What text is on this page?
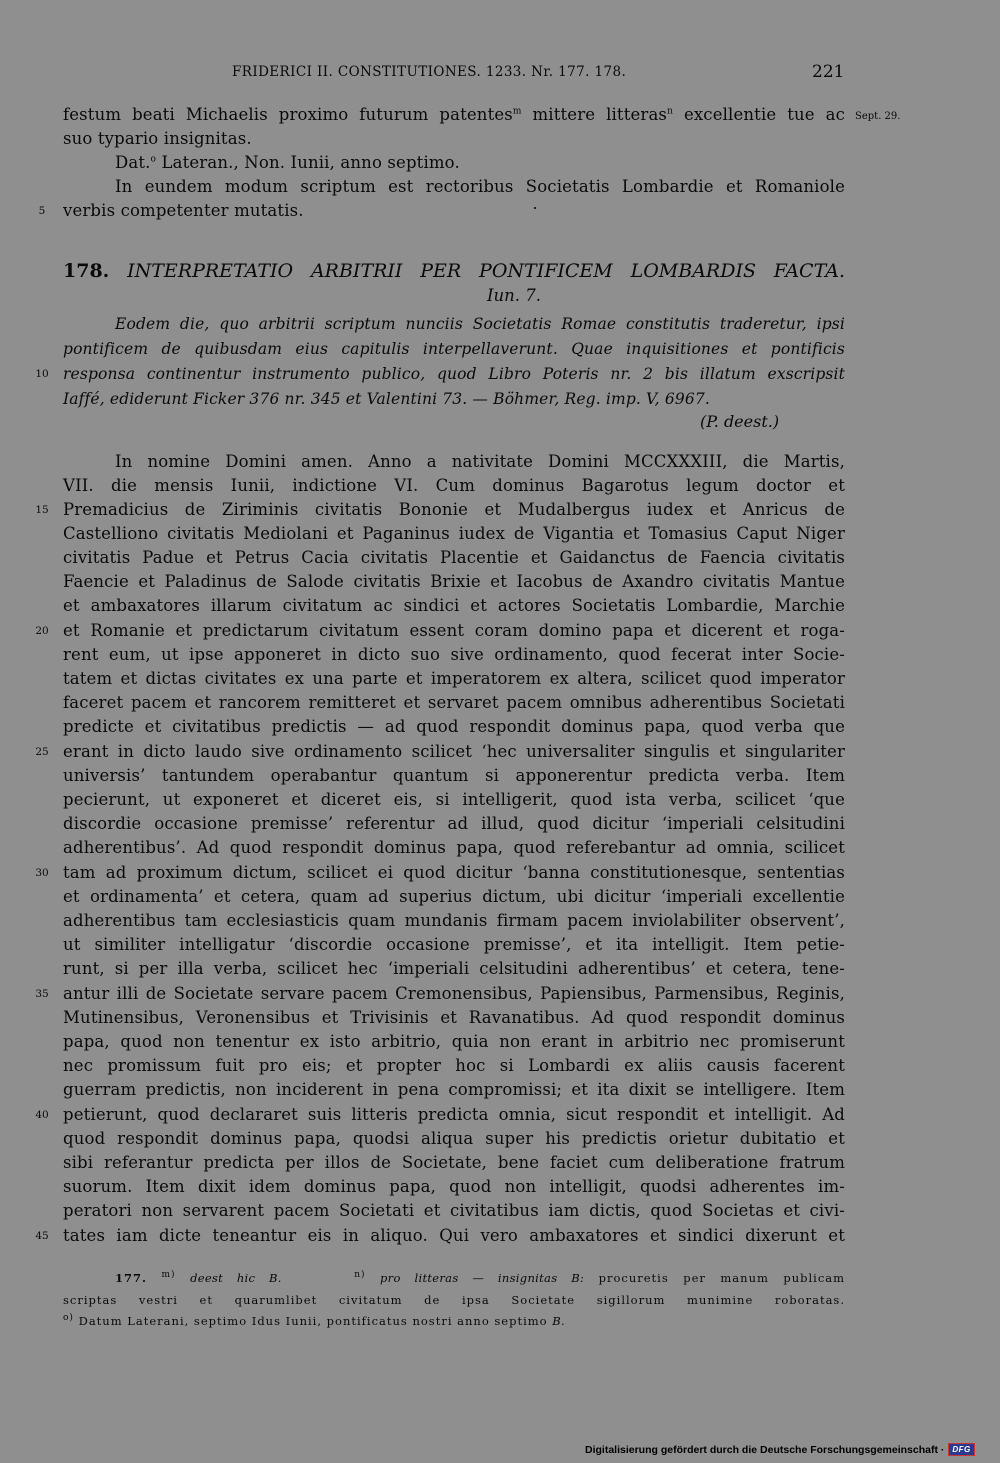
FRIDERICI II. CONSTITUTIONES. 1233. Nr. 177. 178.	221
Sept. 29.
festum beati Michaelis proximo futurum patentes$^m$ mittere litteras$^n$ excellentie tue ac
suo typario insignitas.
Dat.$^o$ Lateran., Non. Iunii, anno septimo.
In eundem modum scriptum est rectoribus Societatis Lombardie et Romaniole
5	verbis competenter mutatis.
178. INTERPRETATIO ARBITRII PER PONTIFICEM LOMBARDIS FACTA.
Iun. 7.
Eodem die, quo arbitrii scriptum nunciis Societatis Romae constitutis traderetur, ipsi
pontificem de quibusdam eius capitulis interpellaverunt. Quae inquisitiones et pontificis
10 responsa continentur instrumento publico, quod Libro Poteris nr. 2 bis illatum exscripsit
Iaffé, ediderunt Ficker 376 nr. 345 et Valentini 73. — Böhmer, Reg. imp. V, 6967.
(P. deest.)
In nomine Domini amen. Anno a nativitate Domini MCCXXXIII, die Martis,
VII. die mensis Iunii, indictione VI. Cum dominus Bagarotus legum doctor et
15 Premadicius de Ziriminis civitatis Bononie et Mudalbergus iudex et Anricus de
Castelliono civitatis Mediolani et Paganinus iudex de Vigantia et Tomasius Caput Niger
civitatis Padue et Petrus Cacia civitatis Placentie et Gaidanctus de Faencia civitatis
Faencie et Paladinus de Salode civitatis Brixie et Iacobus de Axandro civitatis Mantue
et ambaxatores illarum civitatum ac sindici et actores Societatis Lombardie, Marchie
20 et Romanie et predictarum civitatum essent coram domino papa et dicerent et roga-
rent eum, ut ipse apponeret in dicto suo sive ordinamento, quod fecerat inter Socie-
tatem et dictas civitates ex una parte et imperatorem ex altera, scilicet quod imperator
faceret pacem et rancorem remitteret et servaret pacem omnibus adherentibus Societati
predicte et civitatibus predictis — ad quod respondit dominus papa, quod verba que
25 erant in dicto laudo sive ordinamento scilicet ‘hec universaliter singulis et singulariter
universis’ tantundem operabantur quantum si apponerentur predicta verba. Item
pecierunt, ut exponeret et diceret eis, si intelligerit, quod ista verba, scilicet ‘que
discordie occasione premisse’ referentur ad illud, quod dicitur ‘imperiali celsitudini
adherentibus’. Ad quod respondit dominus papa, quod referebantur ad omnia, scilicet
30 tam ad proximum dictum, scilicet ei quod dicitur ‘banna constitutionesque, sententias
et ordinamenta’ et cetera, quam ad superius dictum, ubi dicitur ‘imperiali excellentie
adherentibus tam ecclesiasticis quam mundanis firmam pacem inviolabiliter observent’,
ut similiter intelligatur ‘discordie occasione premisse’, et ita intelligit. Item petie-
runt, si per illa verba, scilicet hec ‘imperiali celsitudini adherentibus’ et cetera, tene-
35 antur illi de Societate servare pacem Cremonensibus, Papiensibus, Parmensibus, Reginis,
Mutinensibus, Veronensibus et Trivisinis et Ravanatibus. Ad quod respondit dominus
papa, quod non tenentur ex isto arbitrio, quia non erant in arbitrio nec promiserunt
nec promissum fuit pro eis; et propter hoc si Lombardi ex aliis causis facerent
guerram predictis, non inciderent in pena compromissi; et ita dixit se intelligere. Item
40 petierunt, quod declararet suis litteris predicta omnia, sicut respondit et intelligit. Ad
quod respondit dominus papa, quodsi aliqua super his predictis orietur dubitatio et
sibi referantur predicta per illos de Societate, bene faciet cum deliberatione fratrum
suorum. Item dixit idem dominus papa, quod non intelligit, quodsi adherentes im-
peratori non servarent pacem Societati et civitatibus iam dictis, quod Societas et civi-
45 tates iam dicte teneantur eis in aliquo. Qui vero ambaxatores et sindici dixerunt et
177. $^{m)}$ deest hic B.	$^{n)}$ pro litteras — insignitas B: procuretis per manum publicam
scriptas vestri et quarumlibet civitatum de ipsa Societate sigillorum munimine roboratas.
$^{o)}$ Datum Laterani, septimo Idus Iunii, pontificatus nostri anno septimo B.
Digitalisierung gefördert durch die Deutsche Forschungsgemeinschaft ·	DFG
